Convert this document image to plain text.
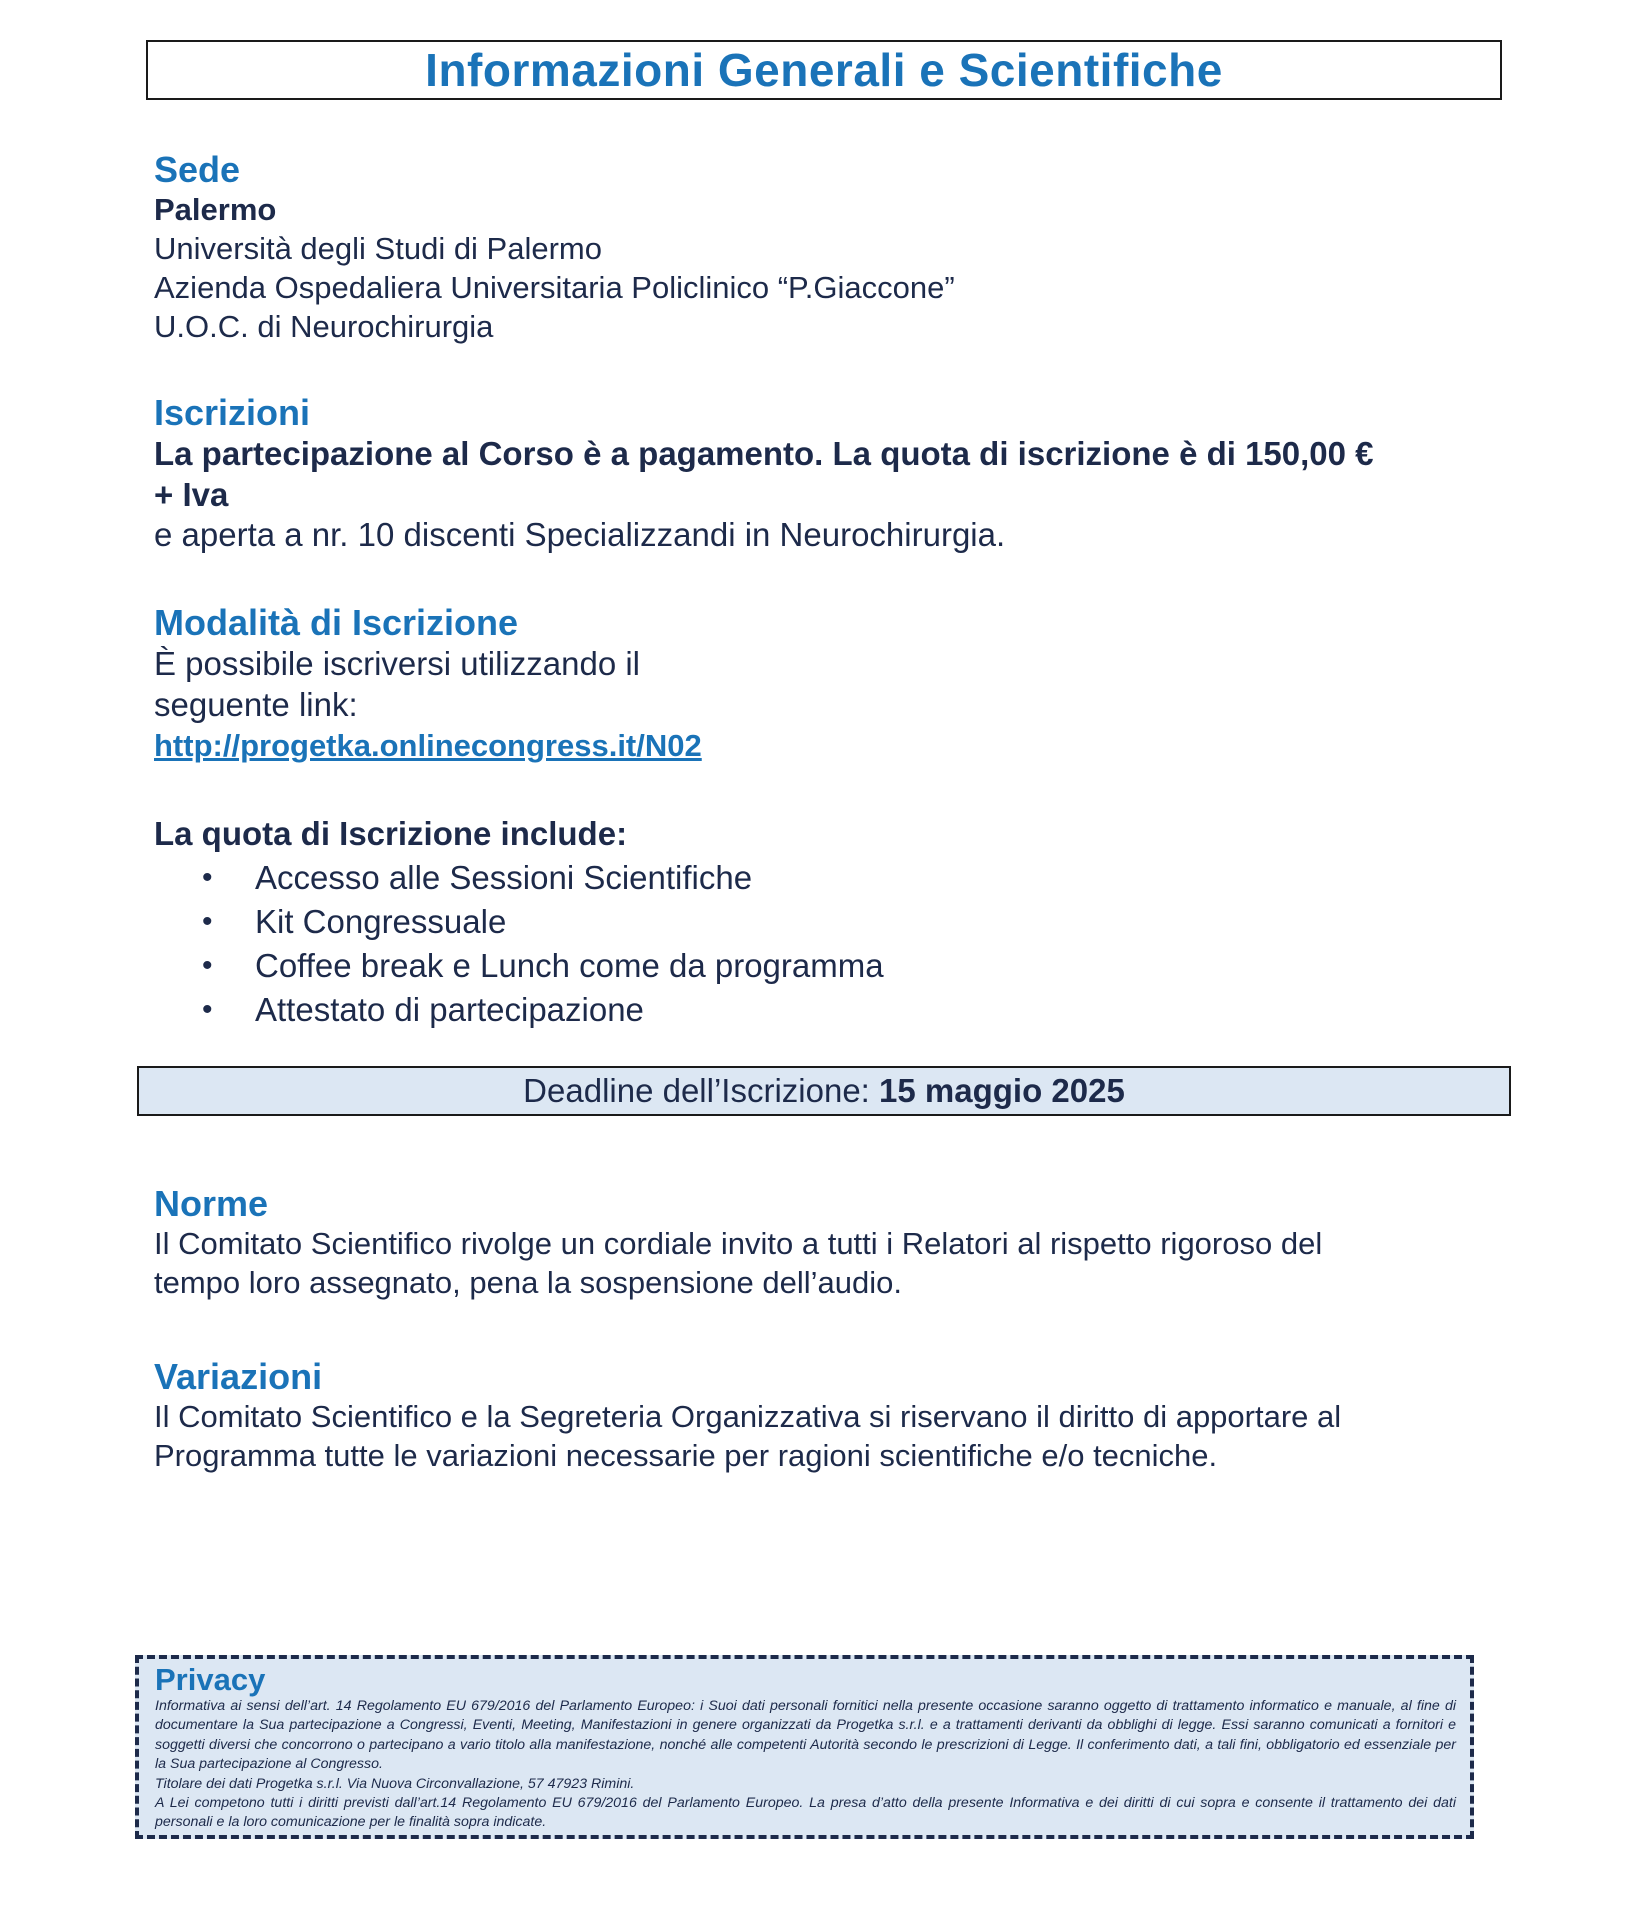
Informazioni Generali e Scientifiche

Sede

Palermo

Università degli Studi di Palermo

Azienda Ospedaliera Universitaria Policlinico “P.Giaccone”

U.O.C. di Neurochirurgia

Iscrizioni

La partecipazione al Corso è a pagamento. La quota di iscrizione è di 150,00 €

+ Iva

e aperta a nr. 10 discenti Specializzandi in Neurochirurgia.

Modalità di Iscrizione

È possibile iscriversi utilizzando il

seguente link:

http://progetka.onlinecongress.it/N02

La quota di Iscrizione include:

• Accesso alle Sessioni Scientifiche
• Kit Congressuale
• Coffee break e Lunch come da programma
• Attestato di partecipazione
Deadline dell’Iscrizione: 15 maggio 2025

Norme

Il Comitato Scientifico rivolge un cordiale invito a tutti i Relatori al rispetto rigoroso del

tempo loro assegnato, pena la sospensione dell’audio.

Variazioni

Il Comitato Scientifico e la Segreteria Organizzativa si riservano il diritto di apportare al

Programma tutte le variazioni necessarie per ragioni scientifiche e/o tecniche.

Privacy

Informativa ai sensi dell’art. 14 Regolamento EU 679/2016 del Parlamento Europeo: i Suoi dati personali fornitici nella presente occasione saranno oggetto di trattamento informatico e manuale, al fine di documentare la Sua partecipazione a Congressi, Eventi, Meeting, Manifestazioni in genere organizzati da Progetka s.r.l. e a trattamenti derivanti da obblighi di legge. Essi saranno comunicati a fornitori e soggetti diversi che concorrono o partecipano a vario titolo alla manifestazione, nonché alle competenti Autorità secondo le prescrizioni di Legge. Il conferimento dati, a tali fini, obbligatorio ed essenziale per la Sua partecipazione al Congresso.

Titolare dei dati Progetka s.r.l. Via Nuova Circonvallazione, 57 47923 Rimini.

A Lei competono tutti i diritti previsti dall’art.14 Regolamento EU 679/2016 del Parlamento Europeo. La presa d’atto della presente Informativa e dei diritti di cui sopra e consente il trattamento dei dati personali e la loro comunicazione per le finalità sopra indicate.
